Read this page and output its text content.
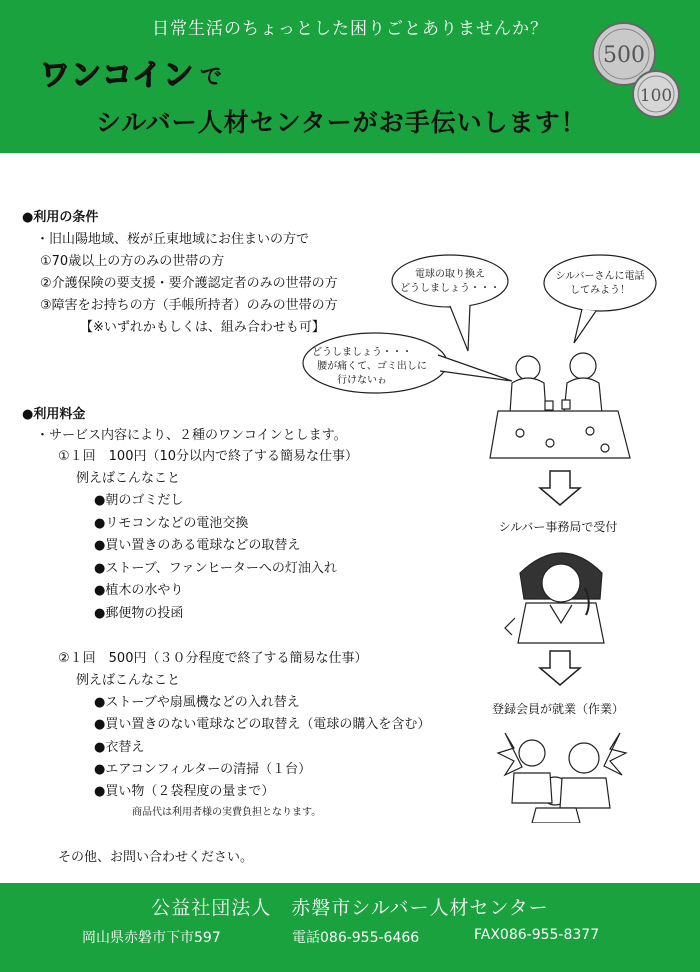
日常生活のちょっとした困りごとありませんか？
ワンコイン で
シルバー人材センターがお手伝いします！
500
100
●利用の条件
・旧山陽地域、桜が丘東地域にお住まいの方で
①70歳以上の方のみの世帯の方
②介護保険の要支援・要介護認定者のみの世帯の方
③障害をお持ちの方（手帳所持者）のみの世帯の方
【※いずれかもしくは、組み合わせも可】
●利用料金
・サービス内容により、２種のワンコインとします。
①１回　100円（10分以内で終了する簡易な仕事）
例えばこんなこと
●朝のゴミだし
●リモコンなどの電池交換
●買い置きのある電球などの取替え
●ストーブ、ファンヒーターへの灯油入れ
●植木の水やり
●郵便物の投函
②１回　500円（３０分程度で終了する簡易な仕事）
例えばこんなこと
●ストーブや扇風機などの入れ替え
●買い置きのない電球などの取替え（電球の購入を含む）
●衣替え
●エアコンフィルターの清掃（１台）
●買い物（２袋程度の量まで）
商品代は利用者様の実費負担となります。
その他、お問い合わせください。
電球の取り換え
どうしましょう・・・
シルバーさんに電話
してみよう！
どうしましょう・・・
腰が痛くて、ゴミ出しに
行けないゎ
シルバー事務局で受付
登録会員が就業（作業）
公益社団法人　赤磐市シルバー人材センター
岡山県赤磐市下市597	電話086-955-6466	FAX086-955-8377
